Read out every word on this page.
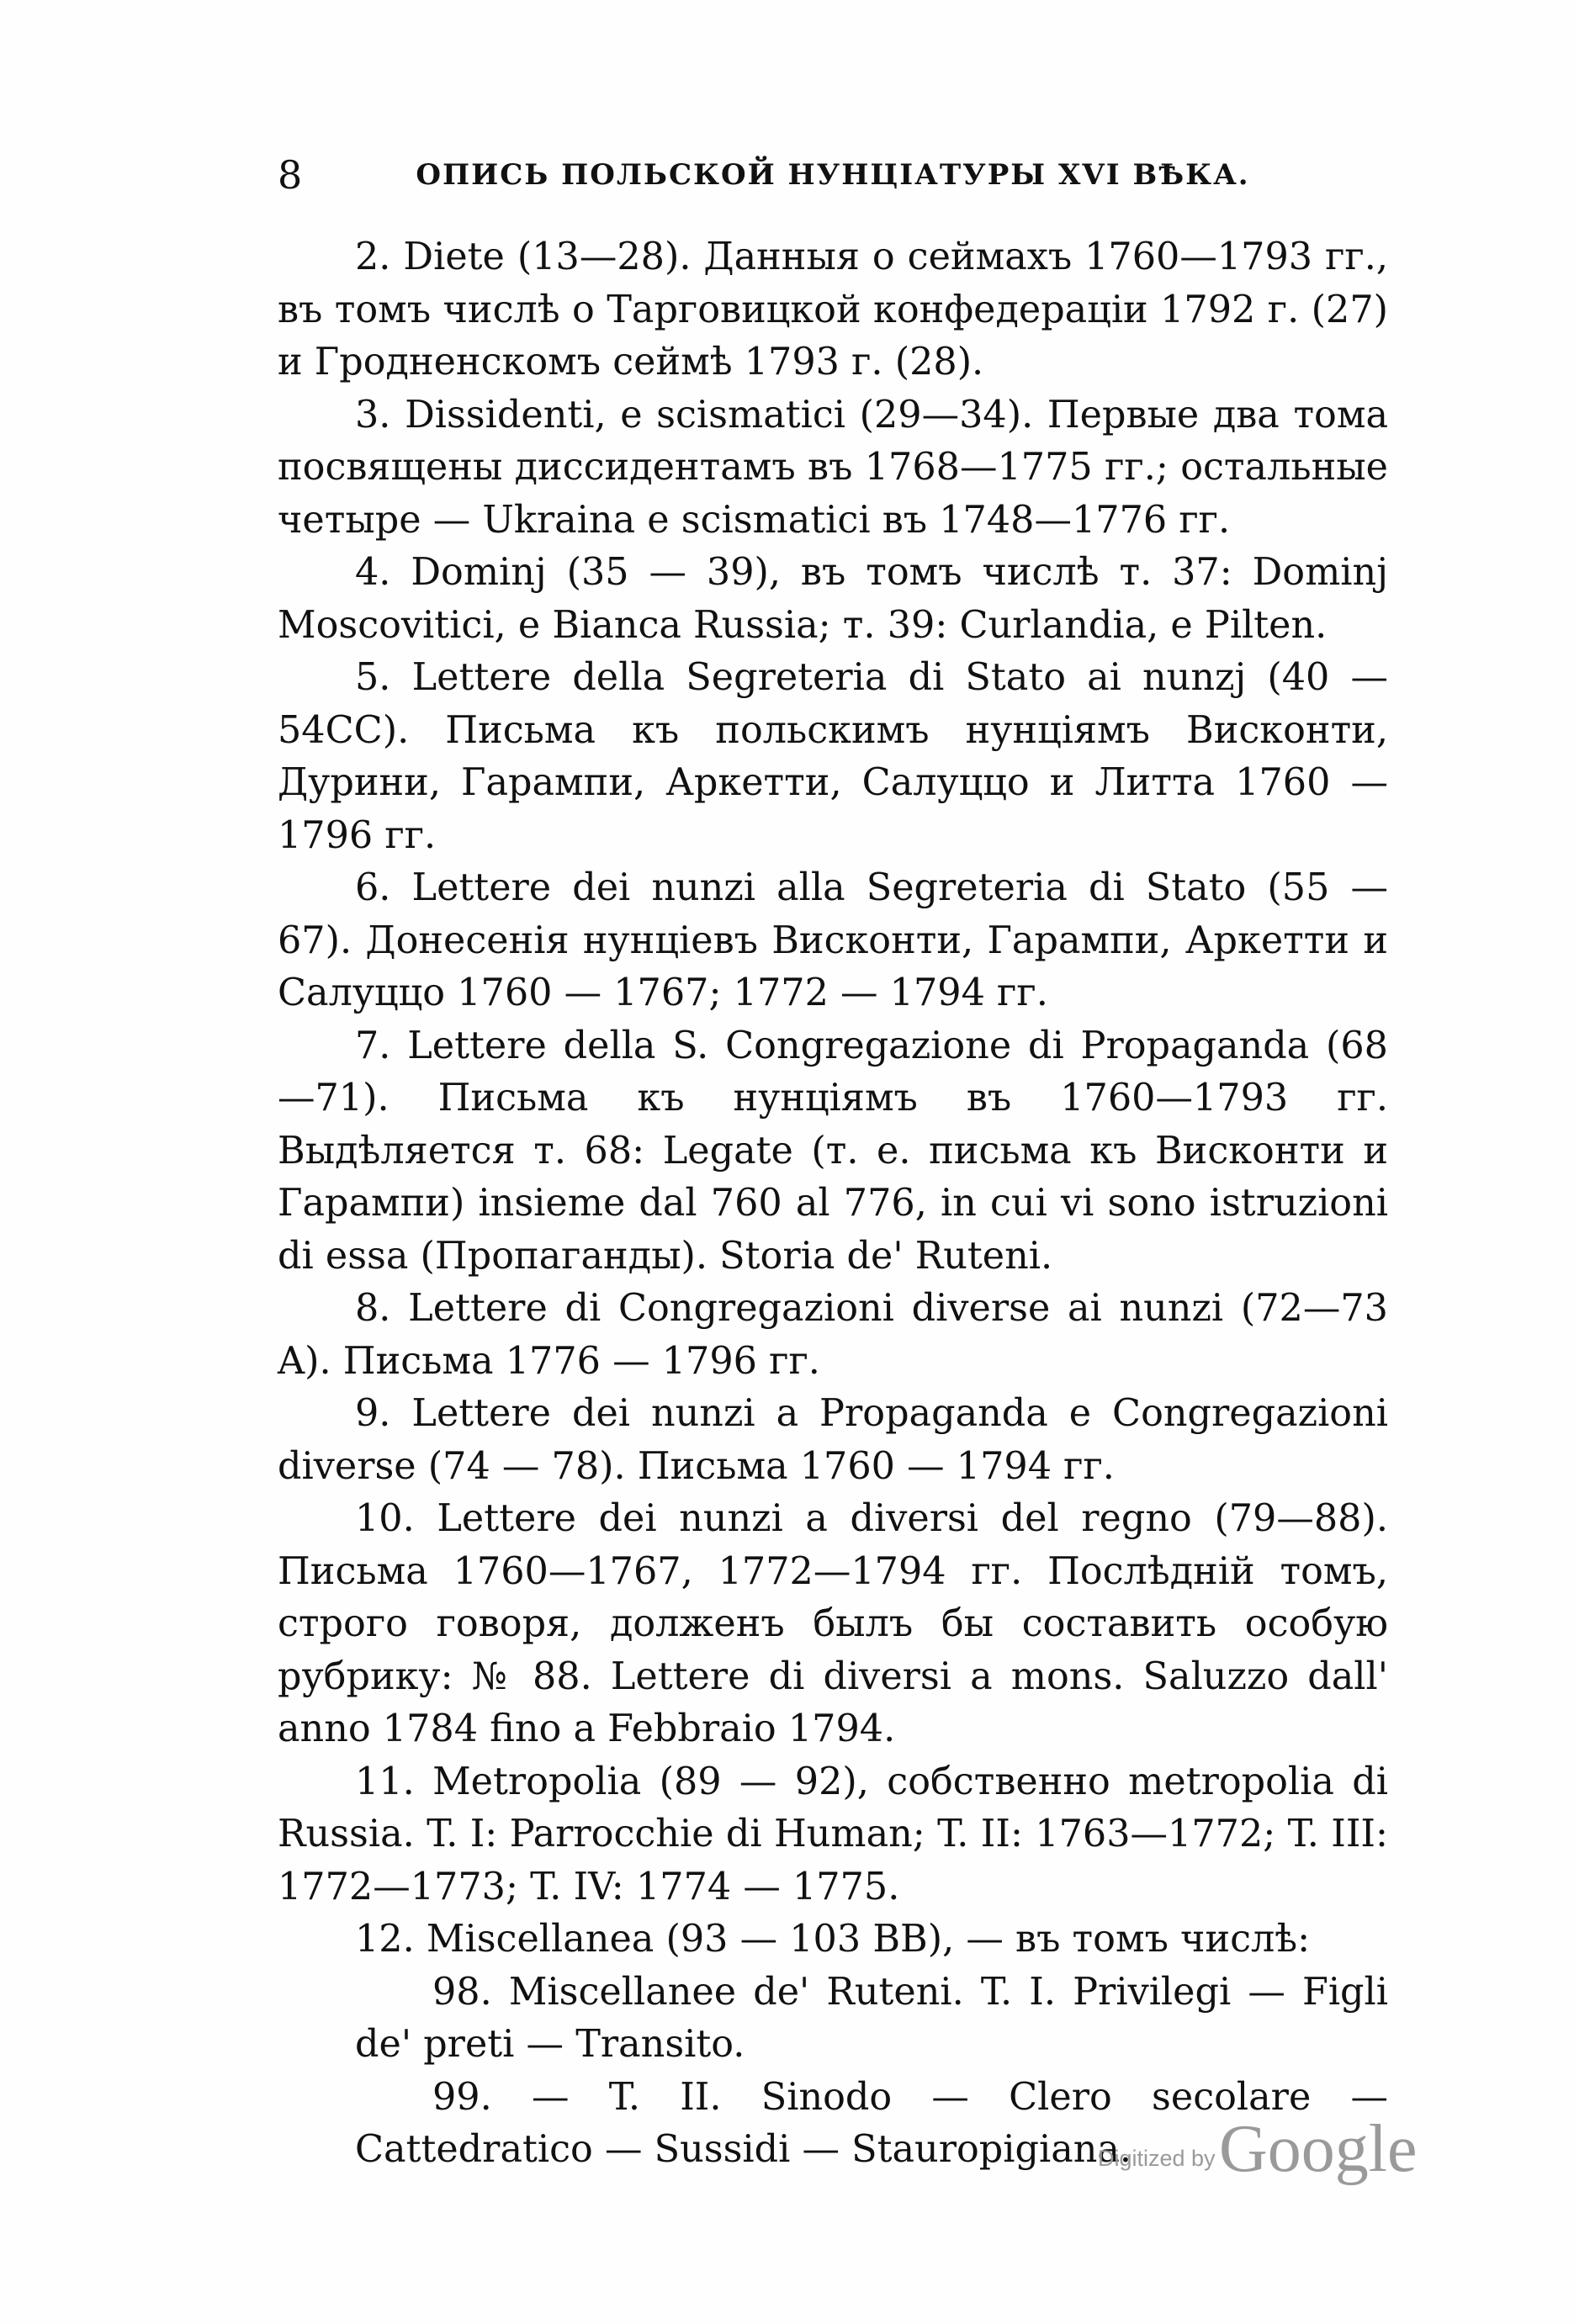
8	ОПИСЬ ПОЛЬСКОЙ НУНЦІАТУРЫ XVI ВѢКА.

2. Diete (13—28). Данныя о сеймахъ 1760—1793 гг., въ томъ числѣ о Тарговицкой конфедераціи 1792 г. (27) и Гродненскомъ сеймѣ 1793 г. (28).

3. Dissidenti, e scismatici (29—34). Первые два тома посвящены диссидентамъ въ 1768—1775 гг.; остальные четыре — Ukraina e scismatici въ 1748—1776 гг.

4. Dominj (35 — 39), въ томъ числѣ т. 37: Dominj Moscoviticі, e Bianca Russia; т. 39: Curlandia, e Pilten.

5. Lettere della Segreteria di Stato ai nunzj (40 — 54CC). Письма къ польскимъ нунціямъ Висконти, Дурини, Гарампи, Аркетти, Салуццо и Литта 1760 — 1796 гг.

6. Lettere dei nunzi alla Segreteria di Stato (55 — 67). Донесенія нунціевъ Висконти, Гарампи, Аркетти и Салуццо 1760 — 1767; 1772 — 1794 гг.

7. Lettere della S. Congregazione di Propaganda (68 —71). Письма къ нунціямъ въ 1760—1793 гг. Выдѣляется т. 68: Legate (т. е. письма къ Висконти и Гарампи) insieme dal 760 al 776, in cui vi sono istruzioni di essa (Пропаганды). Storia de' Ruteni.

8. Lettere di Congregazioni diverse ai nunzi (72—73 A). Письма 1776 — 1796 гг.

9. Lettere dei nunzi a Propaganda e Congregazioni diverse (74 — 78). Письма 1760 — 1794 гг.

10. Lettere dei nunzi a diversi del regno (79—88). Письма 1760—1767, 1772—1794 гг. Послѣдній томъ, строго говоря, долженъ былъ бы составить особую рубрику: № 88. Lettere di diversi a mons. Saluzzo dall' anno 1784 fino a Febbraio 1794.

11. Metropolia (89 — 92), собственно metropolia di Russia. T. I: Parrocchie di Human; T. II: 1763—1772; T. III: 1772—1773; T. IV: 1774 — 1775.

12. Miscellanea (93 — 103 BB), — въ томъ числѣ:

98. Miscellanee de' Ruteni. T. I. Privilegi — Figli de' preti — Transito.

99. — T. II. Sinodo — Clero secolare — Cattedratico — Sussidi — Stauropigiana.

Digitized by Google
